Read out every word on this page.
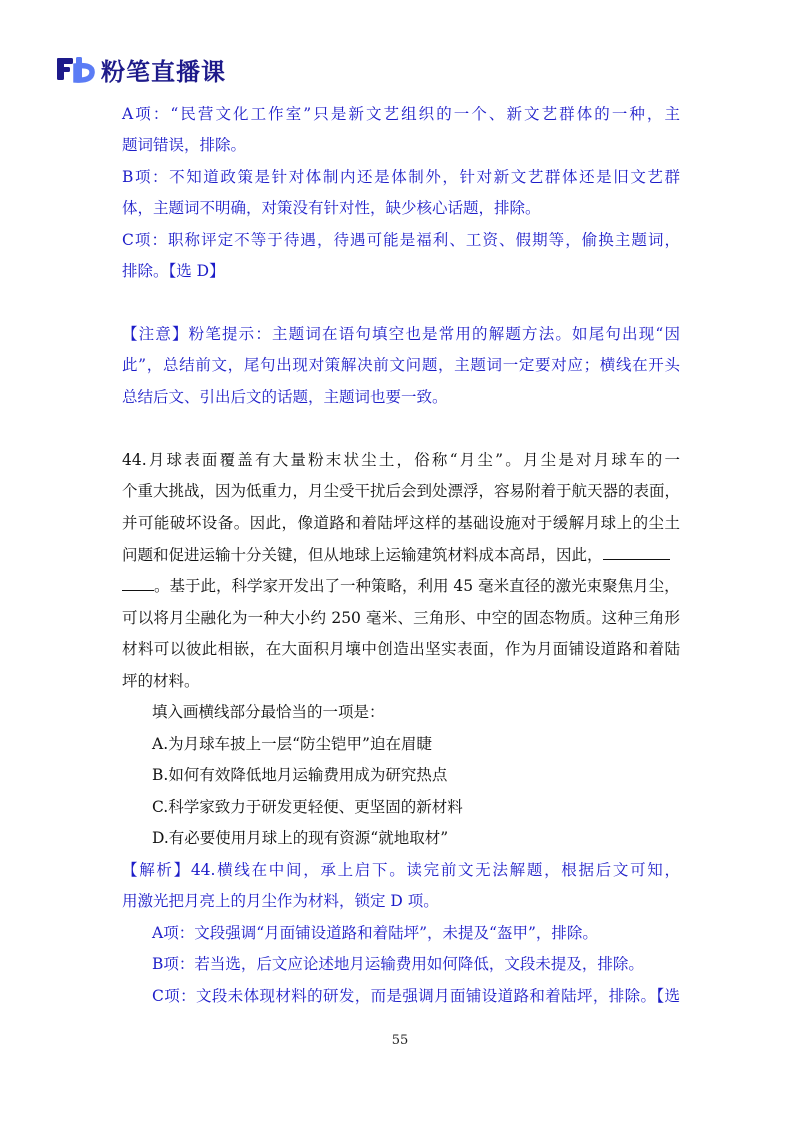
粉笔直播课
A项：“民营文化工作室”只是新文艺组织的一个、新文艺群体的一种，主
题词错误，排除。
B项：不知道政策是针对体制内还是体制外，针对新文艺群体还是旧文艺群
体，主题词不明确，对策没有针对性，缺少核心话题，排除。
C项：职称评定不等于待遇，待遇可能是福利、工资、假期等，偷换主题词，
排除。【选 D】
【注意】粉笔提示：主题词在语句填空也是常用的解题方法。如尾句出现“因
此”，总结前文，尾句出现对策解决前文问题，主题词一定要对应；横线在开头
总结后文、引出后文的话题，主题词也要一致。
44.月球表面覆盖有大量粉末状尘土，俗称“月尘”。月尘是对月球车的一
个重大挑战，因为低重力，月尘受干扰后会到处漂浮，容易附着于航天器的表面，
并可能破坏设备。因此，像道路和着陆坪这样的基础设施对于缓解月球上的尘土
问题和促进运输十分关键，但从地球上运输建筑材料成本高昂，因此，
。基于此，科学家开发出了一种策略，利用 45 毫米直径的激光束聚焦月尘，
可以将月尘融化为一种大小约 250 毫米、三角形、中空的固态物质。这种三角形
材料可以彼此相嵌，在大面积月壤中创造出坚实表面，作为月面铺设道路和着陆
坪的材料。
填入画横线部分最恰当的一项是：
A.为月球车披上一层“防尘铠甲”迫在眉睫
B.如何有效降低地月运输费用成为研究热点
C.科学家致力于研发更轻便、更坚固的新材料
D.有必要使用月球上的现有资源“就地取材”
【解析】44.横线在中间，承上启下。读完前文无法解题，根据后文可知，
用激光把月亮上的月尘作为材料，锁定 D 项。
A项：文段强调“月面铺设道路和着陆坪”，未提及“盔甲”，排除。
B项：若当选，后文应论述地月运输费用如何降低，文段未提及，排除。
C项：文段未体现材料的研发，而是强调月面铺设道路和着陆坪，排除。【选
55
